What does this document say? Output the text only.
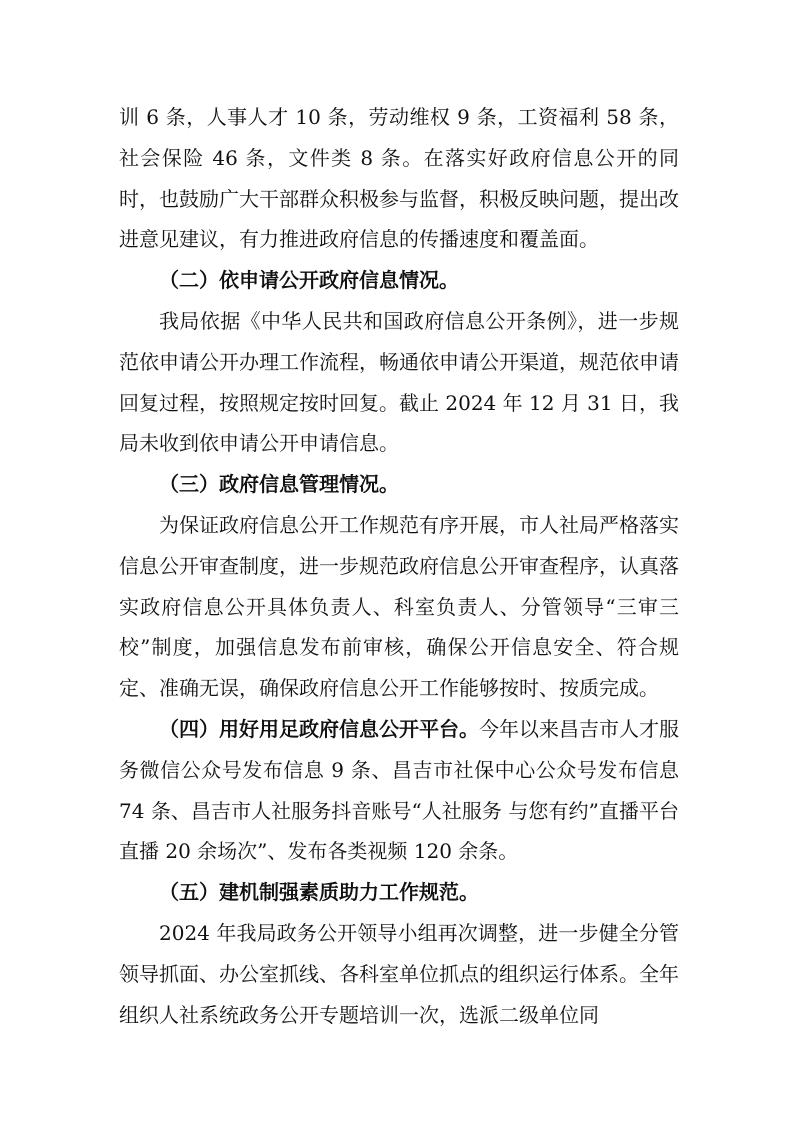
训 6 条，人事人才 10 条，劳动维权 9 条，工资福利 58 条，社会保险 46 条，文件类 8 条。在落实好政府信息公开的同时，也鼓励广大干部群众积极参与监督，积极反映问题，提出改进意见建议，有力推进政府信息的传播速度和覆盖面。

（二）依申请公开政府信息情况。

我局依据《中华人民共和国政府信息公开条例》，进一步规范依申请公开办理工作流程，畅通依申请公开渠道，规范依申请回复过程，按照规定按时回复。截止 2024 年 12 月 31 日，我局未收到依申请公开申请信息。

（三）政府信息管理情况。

为保证政府信息公开工作规范有序开展，市人社局严格落实信息公开审查制度，进一步规范政府信息公开审查程序，认真落实政府信息公开具体负责人、科室负责人、分管领导“三审三校”制度，加强信息发布前审核，确保公开信息安全、符合规定、准确无误，确保政府信息公开工作能够按时、按质完成。

（四）用好用足政府信息公开平台。今年以来昌吉市人才服务微信公众号发布信息 9 条、昌吉市社保中心公众号发布信息 74 条、昌吉市人社服务抖音账号“人社服务 与您有约”直播平台直播 20 余场次”、发布各类视频 120 余条。

（五）建机制强素质助力工作规范。

2024 年我局政务公开领导小组再次调整，进一步健全分管领导抓面、办公室抓线、各科室单位抓点的组织运行体系。全年组织人社系统政务公开专题培训一次，选派二级单位同
